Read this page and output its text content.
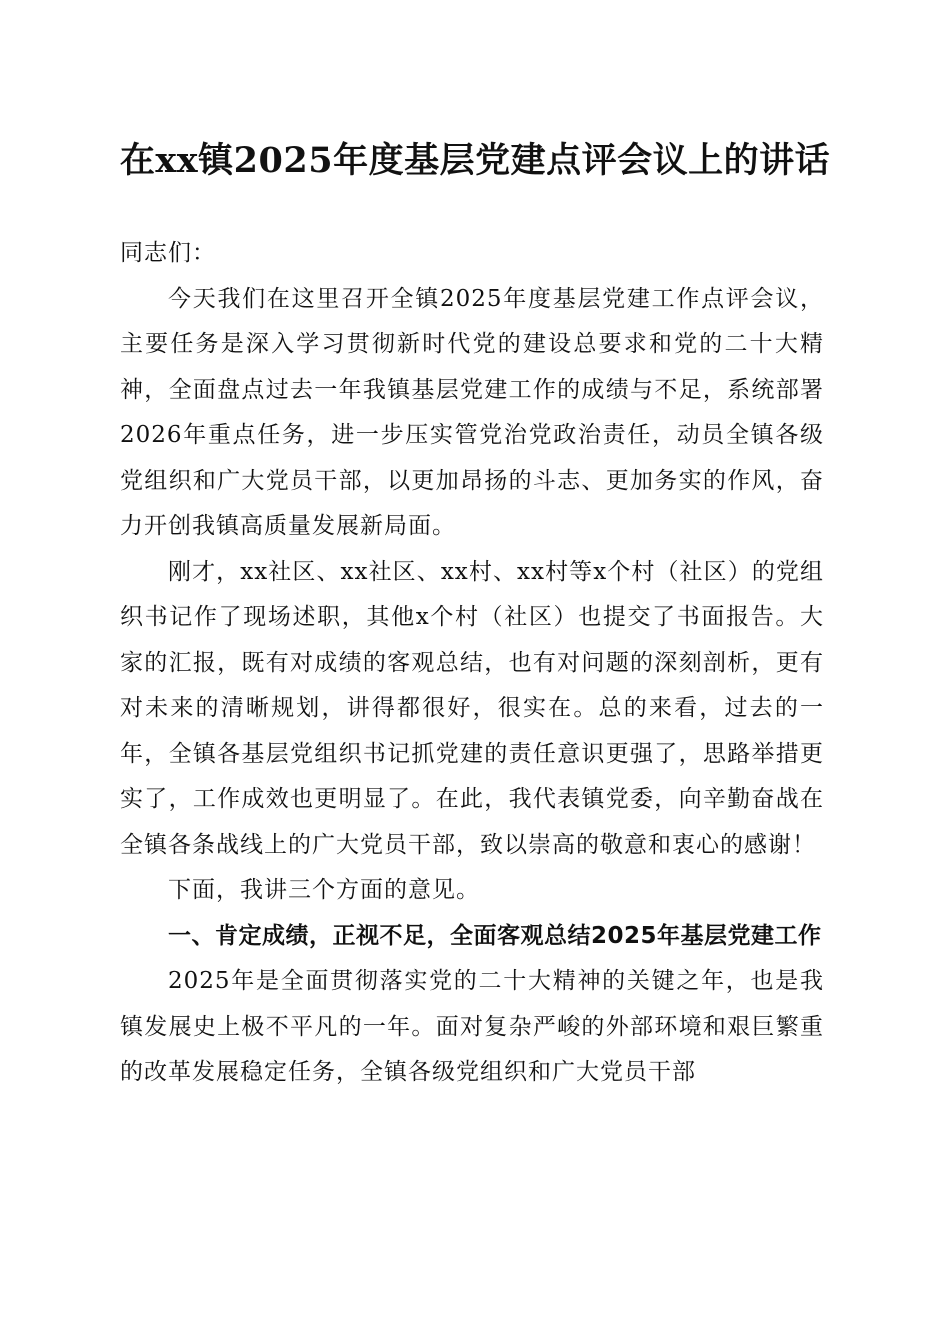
在xx镇2025年度基层党建点评会议上的讲话

同志们：

今天我们在这里召开全镇2025年度基层党建工作点评会议，主要任务是深入学习贯彻新时代党的建设总要求和党的二十大精神，全面盘点过去一年我镇基层党建工作的成绩与不足，系统部署2026年重点任务，进一步压实管党治党政治责任，动员全镇各级党组织和广大党员干部，以更加昂扬的斗志、更加务实的作风，奋力开创我镇高质量发展新局面。

刚才，xx社区、xx社区、xx村、xx村等x个村（社区）的党组织书记作了现场述职，其他x个村（社区）也提交了书面报告。大家的汇报，既有对成绩的客观总结，也有对问题的深刻剖析，更有对未来的清晰规划，讲得都很好，很实在。总的来看，过去的一年，全镇各基层党组织书记抓党建的责任意识更强了，思路举措更实了，工作成效也更明显了。在此，我代表镇党委，向辛勤奋战在全镇各条战线上的广大党员干部，致以崇高的敬意和衷心的感谢！

下面，我讲三个方面的意见。

一、肯定成绩，正视不足，全面客观总结2025年基层党建工作

2025年是全面贯彻落实党的二十大精神的关键之年，也是我镇发展史上极不平凡的一年。面对复杂严峻的外部环境和艰巨繁重的改革发展稳定任务，全镇各级党组织和广大党员干部
